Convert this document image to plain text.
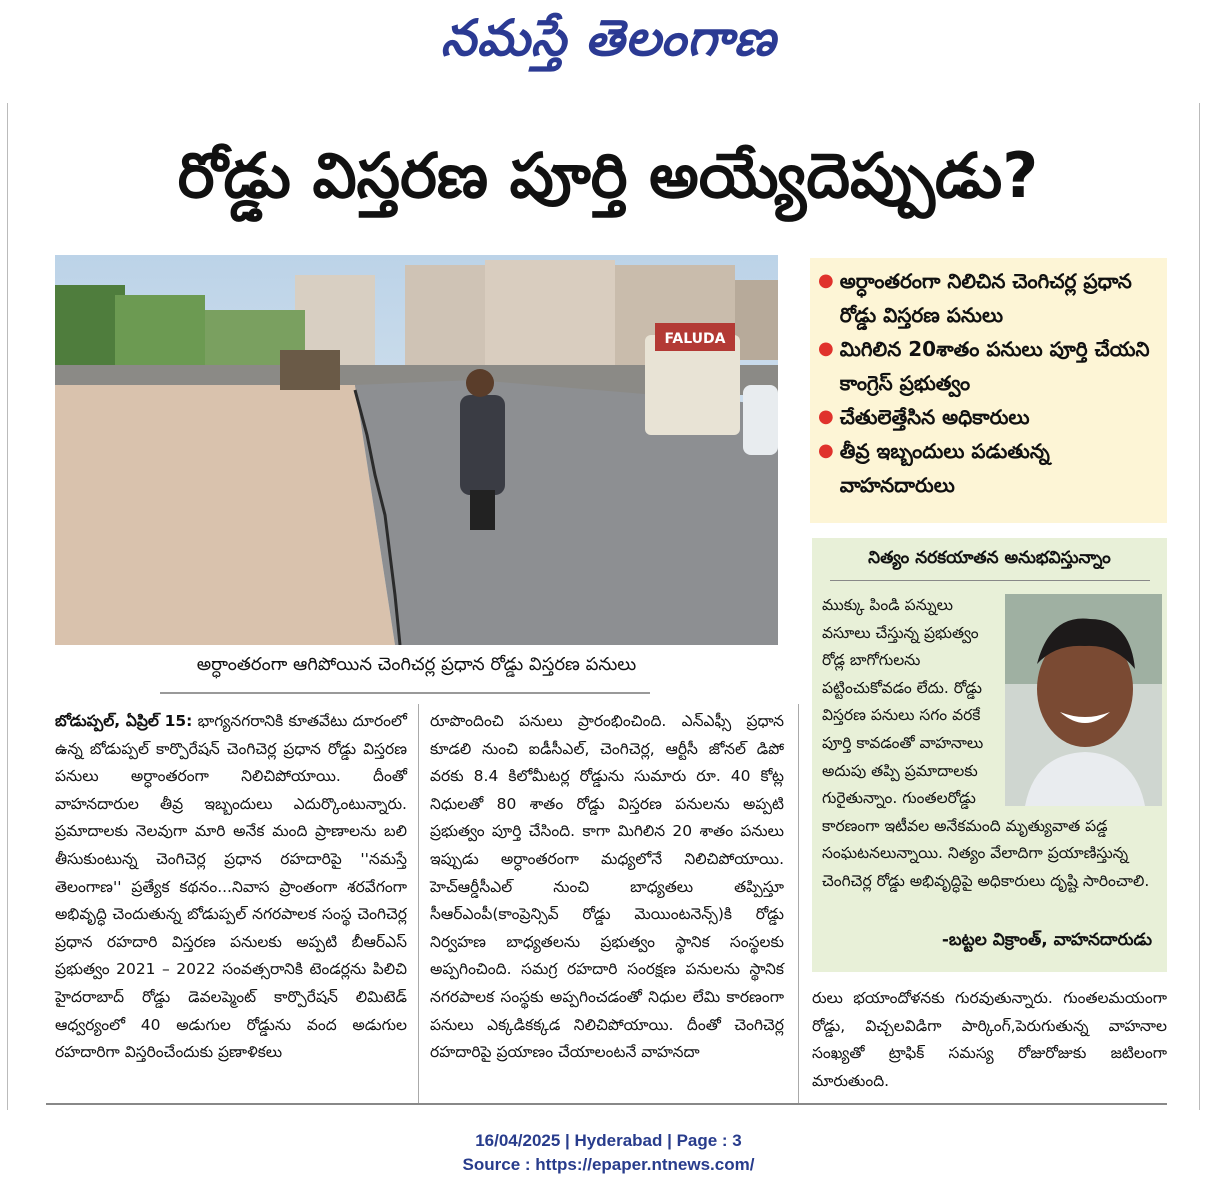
నమస్తే తెలంగాణ
రోడ్డు విస్తరణ పూర్తి అయ్యేదెప్పుడు?
FALUDA
అర్ధాంతరంగా ఆగిపోయిన చెంగిచర్ల ప్రధాన రోడ్డు విస్తరణ పనులు
● అర్ధాంతరంగా నిలిచిన చెంగిచర్ల ప్రధాన రోడ్డు విస్తరణ పనులు
● మిగిలిన 20శాతం పనులు పూర్తి చేయని కాంగ్రెస్ ప్రభుత్వం
● చేతులెత్తేసిన అధికారులు
● తీవ్ర ఇబ్బందులు పడుతున్న వాహనదారులు
నిత్యం నరకయాతన అనుభవిస్తున్నాం
ముక్కు పిండి పన్నులు వసూలు చేస్తున్న ప్రభుత్వం రోడ్ల బాగోగులను పట్టించుకోవడం లేదు. రోడ్డు విస్తరణ పనులు సగం వరకే పూర్తి కావడంతో వాహనాలు అదుపు తప్పి ప్రమాదాలకు గురైతున్నాం. గుంతలరోడ్డు కారణంగా ఇటీవల అనేకమంది మృత్యువాత పడ్డ సంఘటనలున్నాయి. నిత్యం వేలాదిగా ప్రయాణిస్తున్న చెంగిచెర్ల రోడ్డు అభివృద్ధిపై అధికారులు దృష్టి సారించాలి.
-బట్టల విక్రాంత్, వాహనదారుడు
బోడుప్పల్, ఏప్రిల్ 15: భాగ్యనగరానికి కూతవేటు దూరంలో ఉన్న బోడుప్పల్ కార్పొరేషన్ చెంగిచెర్ల ప్రధాన రోడ్డు విస్తరణ పనులు అర్ధాంతరంగా నిలిచిపోయాయి. దీంతో వాహనదారుల తీవ్ర ఇబ్బందులు ఎదుర్కొంటున్నారు. ప్రమాదాలకు నెలవుగా మారి అనేక మంది ప్రాణాలను బలి తీసుకుంటున్న చెంగిచెర్ల ప్రధాన రహదారిపై ''నమస్తే తెలంగాణ'' ప్రత్యేక కథనం...నివాస ప్రాంతంగా శరవేగంగా అభివృద్ధి చెందుతున్న బోడుప్పల్ నగరపాలక సంస్థ చెంగిచెర్ల ప్రధాన రహదారి విస్తరణ పనులకు అప్పటి బీఆర్ఎస్ ప్రభుత్వం 2021 – 2022 సంవత్సరానికి టెండర్లను పిలిచి హైదరాబాద్ రోడ్డు డెవలప్మెంట్ కార్పొరేషన్ లిమిటెడ్ ఆధ్వర్యంలో 40 అడుగుల రోడ్డును వంద అడుగుల రహదారిగా విస్తరించేందుకు ప్రణాళికలు
రూపొందించి పనులు ప్రారంభించింది. ఎన్ఎఫ్సీ ప్రధాన కూడలి నుంచి ఐడీసీఎల్, చెంగిచెర్ల, ఆర్టీసీ జోనల్ డిపో వరకు 8.4 కిలోమీటర్ల రోడ్డును సుమారు రూ. 40 కోట్ల నిధులతో 80 శాతం రోడ్డు విస్తరణ పనులను అప్పటి ప్రభుత్వం పూర్తి చేసింది. కాగా మిగిలిన 20 శాతం పనులు ఇప్పుడు అర్ధాంతరంగా మధ్యలోనే నిలిచిపోయాయి. హెచ్ఆర్డీసీఎల్ నుంచి బాధ్యతలు తప్పిస్తూ సీఆర్ఎంపీ(కాంప్రెన్సివ్ రోడ్డు మెయింటనెన్స్)కి రోడ్డు నిర్వహణ బాధ్యతలను ప్రభుత్వం స్థానిక సంస్థలకు అప్పగించింది. సమగ్ర రహదారి సంరక్షణ పనులను స్థానిక నగరపాలక సంస్థకు అప్పగించడంతో నిధుల లేమి కారణంగా పనులు ఎక్కడికక్కడ నిలిచిపోయాయి. దీంతో చెంగిచెర్ల రహదారిపై ప్రయాణం చేయాలంటనే వాహనదా
రులు భయాందోళనకు గురవుతున్నారు. గుంతలమయంగా రోడ్డు, విచ్చలవిడిగా పార్కింగ్,పెరుగుతున్న వాహనాల సంఖ్యతో ట్రాఫిక్ సమస్య రోజురోజుకు జటిలంగా మారుతుంది.
16/04/2025 | Hyderabad | Page : 3
Source : https://epaper.ntnews.com/
